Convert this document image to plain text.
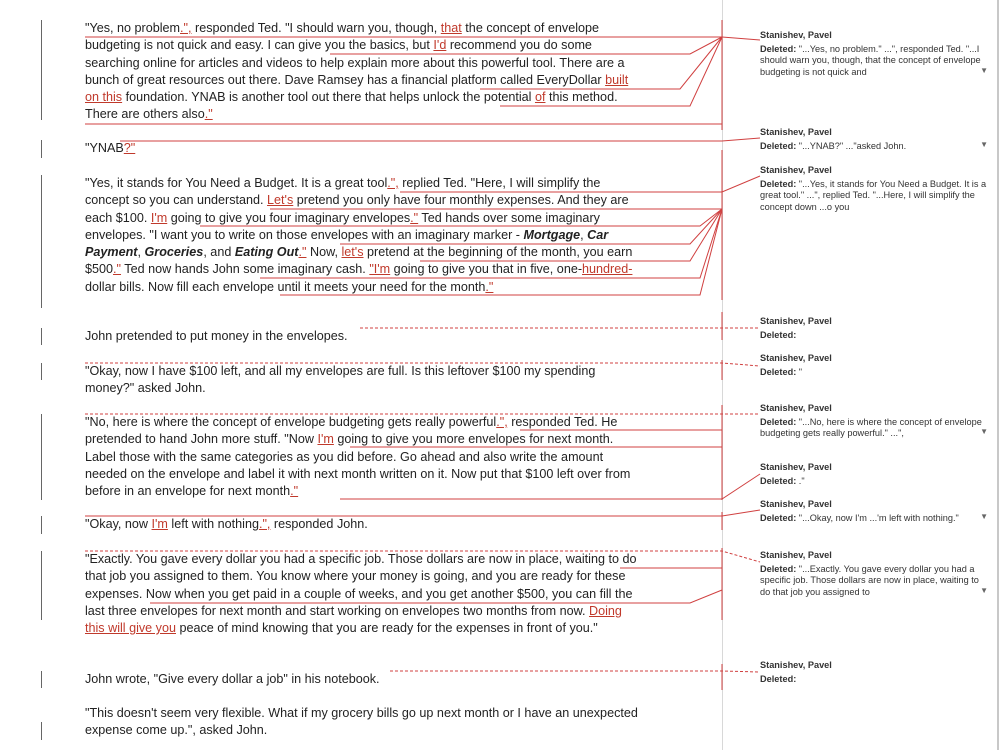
"Yes, no problem.", responded Ted. "I should warn you, though, that the concept of envelope budgeting is not quick and easy. I can give you the basics, but I'd recommend you do some searching online for articles and videos to help explain more about this powerful tool. There are a bunch of great resources out there. Dave Ramsey has a financial platform called EveryDollar built on this foundation. YNAB is another tool out there that helps unlock the potential of this method. There are others also."
"YNAB?"
"Yes, it stands for You Need a Budget. It is a great tool.", replied Ted. "Here, I will simplify the concept so you can understand. Let's pretend you only have four monthly expenses. And they are each $100. I'm going to give you four imaginary envelopes." Ted hands over some imaginary envelopes. "I want you to write on those envelopes with an imaginary marker - Mortgage, Car Payment, Groceries, and Eating Out." Now, let's pretend at the beginning of the month, you earn $500." Ted now hands John some imaginary cash. "I'm going to give you that in five, one-hundred-dollar bills. Now fill each envelope until it meets your need for the month."
John pretended to put money in the envelopes.
"Okay, now I have $100 left, and all my envelopes are full. Is this leftover $100 my spending money?" asked John.
"No, here is where the concept of envelope budgeting gets really powerful.", responded Ted. He pretended to hand John more stuff. "Now I'm going to give you more envelopes for next month. Label those with the same categories as you did before. Go ahead and also write the amount needed on the envelope and label it with next month written on it. Now put that $100 left over from before in an envelope for next month."
"Okay, now I'm left with nothing.", responded John.
"Exactly. You gave every dollar you had a specific job. Those dollars are now in place, waiting to do that job you assigned to them. You know where your money is going, and you are ready for these expenses. Now when you get paid in a couple of weeks, and you get another $500, you can fill the last three envelopes for next month and start working on envelopes two months from now. Doing this will give you peace of mind knowing that you are ready for the expenses in front of you."
John wrote, "Give every dollar a job" in his notebook.
"This doesn't seem very flexible. What if my grocery bills go up next month or I have an unexpected expense come up.", asked John.
Stanishev, Pavel
Deleted: "...Yes, no problem." ...", responded Ted. "...I should warn you, though, that the concept of envelope budgeting is not quick and	▼
Stanishev, Pavel
Deleted: "...YNAB?" ..."asked John.	▼
Stanishev, Pavel
Deleted: "...Yes, it stands for You Need a Budget. It is a great tool." ...", replied Ted. "...Here, I will simplify the concept down ...o you
Stanishev, Pavel
Deleted:
Stanishev, Pavel
Deleted: "
Stanishev, Pavel
Deleted: "...No, here is where the concept of envelope budgeting gets really powerful." ...",	▼
Stanishev, Pavel
Deleted: ."
Stanishev, Pavel
Deleted: "...Okay, now I'm ...'m left with nothing."	▼
Stanishev, Pavel
Deleted: "...Exactly. You gave every dollar you had a specific job. Those dollars are now in place, waiting to do that job you assigned to	▼
Stanishev, Pavel
Deleted:
